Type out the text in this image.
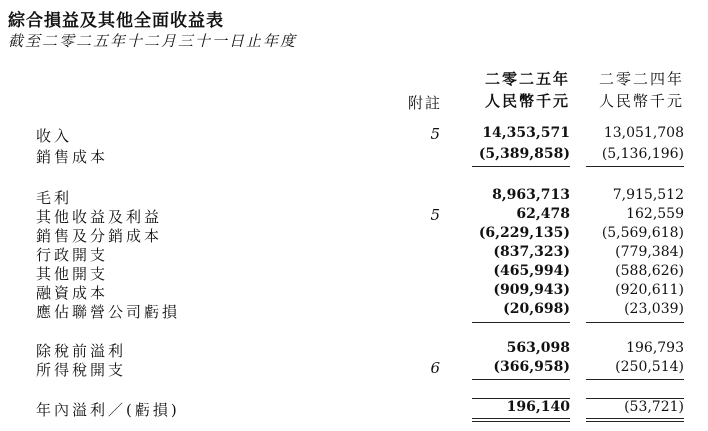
綜合損益及其他全面收益表
截至二零二五年十二月三十一日止年度
附註
二零二五年
人民幣千元
二零二四年
人民幣千元
收入	5	14,353,571	13,051,708
銷售成本	(5,389,858)	(5,136,196)
毛利	8,963,713	7,915,512
其他收益及利益	5	62,478	162,559
銷售及分銷成本	(6,229,135)	(5,569,618)
行政開支	(837,323)	(779,384)
其他開支	(465,994)	(588,626)
融資成本	(909,943)	(920,611)
應佔聯營公司虧損	(20,698)	(23,039)
除稅前溢利	563,098	196,793
所得稅開支	6	(366,958)	(250,514)
年內溢利／(虧損)	196,140	(53,721)
